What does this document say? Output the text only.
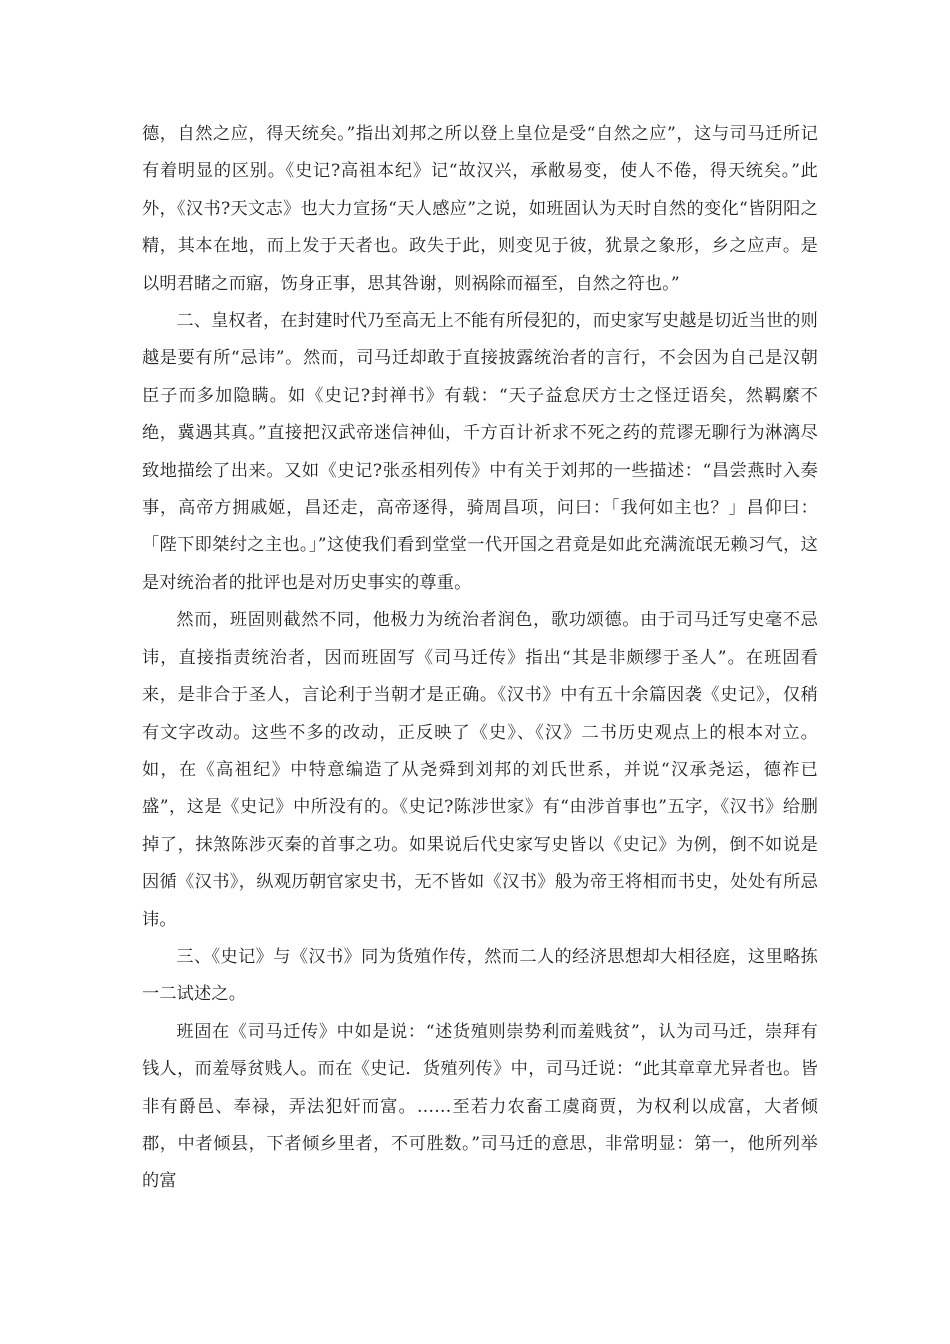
德，自然之应，得天统矣。”指出刘邦之所以登上皇位是受“自然之应”，这与司马迁所记有着明显的区别。《史记?高祖本纪》记“故汉兴，承敝易变，使人不倦，得天统矣。”此外，《汉书?天文志》也大力宣扬“天人感应”之说，如班固认为天时自然的变化“皆阴阳之精，其本在地，而上发于天者也。政失于此，则变见于彼，犹景之象形，乡之应声。是以明君睹之而寤，饬身正事，思其咎谢，则祸除而福至，自然之符也。”

二、皇权者，在封建时代乃至高无上不能有所侵犯的，而史家写史越是切近当世的则越是要有所“忌讳”。然而，司马迁却敢于直接披露统治者的言行，不会因为自己是汉朝臣子而多加隐瞒。如《史记?封禅书》有载：“天子益怠厌方士之怪迂语矣，然羁縻不绝，冀遇其真。”直接把汉武帝迷信神仙，千方百计祈求不死之药的荒谬无聊行为淋漓尽致地描绘了出来。又如《史记?张丞相列传》中有关于刘邦的一些描述：“昌尝燕时入奏事，高帝方拥戚姬，昌还走，高帝逐得，骑周昌项，问曰：「我何如主也？」昌仰曰：「陛下即桀纣之主也。」”这使我们看到堂堂一代开国之君竟是如此充满流氓无赖习气，这是对统治者的批评也是对历史事实的尊重。

然而，班固则截然不同，他极力为统治者润色，歌功颂德。由于司马迁写史毫不忌讳，直接指责统治者，因而班固写《司马迁传》指出“其是非颇缪于圣人”。在班固看来，是非合于圣人，言论利于当朝才是正确。《汉书》中有五十余篇因袭《史记》，仅稍有文字改动。这些不多的改动，正反映了《史》、《汉》二书历史观点上的根本对立。如，在《高祖纪》中特意编造了从尧舜到刘邦的刘氏世系，并说“汉承尧运，德祚已盛”，这是《史记》中所没有的。《史记?陈涉世家》有“由涉首事也”五字，《汉书》给删掉了，抹煞陈涉灭秦的首事之功。如果说后代史家写史皆以《史记》为例，倒不如说是因循《汉书》，纵观历朝官家史书，无不皆如《汉书》般为帝王将相而书史，处处有所忌讳。

三、《史记》与《汉书》同为货殖作传，然而二人的经济思想却大相径庭，这里略拣一二试述之。

班固在《司马迁传》中如是说：“述货殖则崇势利而羞贱贫”，认为司马迁，崇拜有钱人，而羞辱贫贱人。而在《史记．货殖列传》中，司马迁说：“此其章章尤异者也。皆非有爵邑、奉禄，弄法犯奸而富。……至若力农畜工虞商贾，为权利以成富，大者倾郡，中者倾县，下者倾乡里者，不可胜数。”司马迁的意思，非常明显：第一，他所列举的富
